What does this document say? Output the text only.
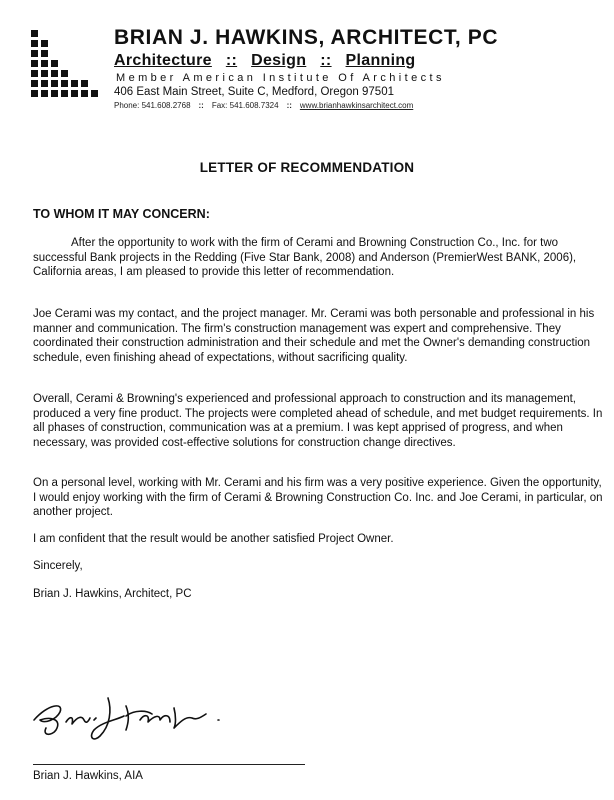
BRIAN J. HAWKINS, ARCHITECT, PC
Architecture :: Design :: Planning
Member American Institute Of Architects
406 East Main Street, Suite C, Medford, Oregon 97501
Phone: 541.608.2768 :: Fax: 541.608.7324 :: www.brianhawkinsarchitect.com
LETTER OF RECOMMENDATION
TO WHOM IT MAY CONCERN:

After the opportunity to work with the firm of Cerami and Browning Construction Co., Inc. for two successful Bank projects in the Redding (Five Star Bank, 2008) and Anderson (PremierWest BANK, 2006), California areas, I am pleased to provide this letter of recommendation.

Joe Cerami was my contact, and the project manager. Mr. Cerami was both personable and professional in his manner and communication. The firm's construction management was expert and comprehensive. They coordinated their construction administration and their schedule and met the Owner's demanding construction schedule, even finishing ahead of expectations, without sacrificing quality.

Overall, Cerami & Browning's experienced and professional approach to construction and its management, produced a very fine product. The projects were completed ahead of schedule, and met budget requirements. In all phases of construction, communication was at a premium. I was kept apprised of progress, and when necessary, was provided cost-effective solutions for construction change directives.

On a personal level, working with Mr. Cerami and his firm was a very positive experience. Given the opportunity, I would enjoy working with the firm of Cerami & Browning Construction Co. Inc. and Joe Cerami, in particular, on another project.

I am confident that the result would be another satisfied Project Owner.

Sincerely,
Brian J. Hawkins, Architect, PC
Brian J. Hawkins, AIA
